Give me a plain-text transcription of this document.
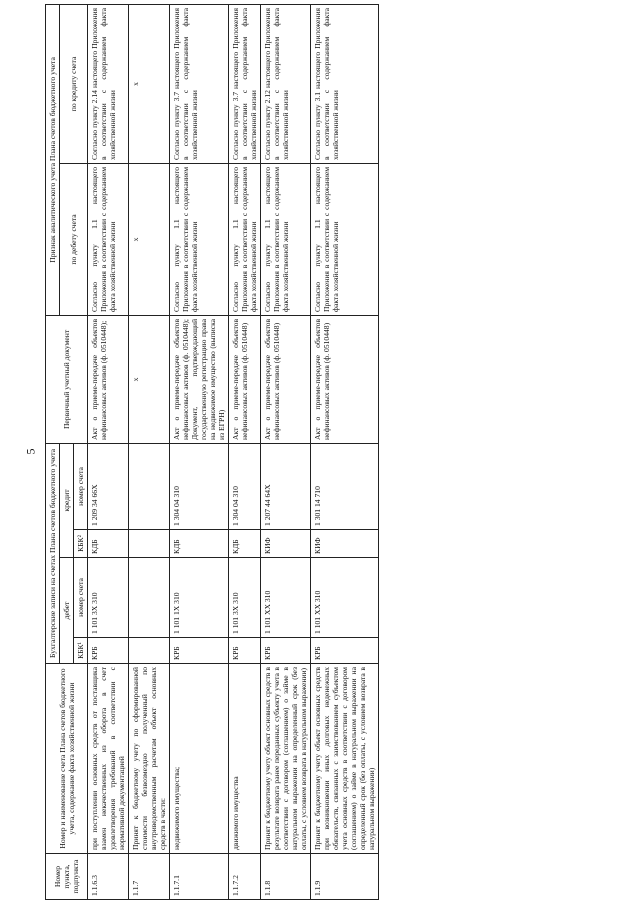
5
Номер пункта, подпункта	Номер и наименование счета Плана счетов бюджетного учета, содержание факта хозяйственной жизни	Бухгалтерские записи на счетах Плана счетов бюджетного учета				Первичный учетный документ	Признак аналитического учета Плана счетов бюджетного учета	
		дебет		кредит			по дебету счета	по кредиту счета
		КБК¹	номер счета	КБК²	номер счета			
1.1.6.3	при поступлении основных средств от поставщика взамен некачественных из оборота в счет удовлетворения требований в соответствии с нормативной документацией	КРБ	1 101 3Х 310	КДБ	1 209 34 66Х	Акт о приеме-передаче объектов нефинансовых активов (ф. 0510448);	Согласно пункту 1.1 настоящего Приложения в соответствии с содержанием факта хозяйственной жизни	Согласно пункту 2.14 настоящего Приложения в соответствии с содержанием факта хозяйственной жизни
1.1.7	Принят к бюджетному учету по сформированной стоимости безвозмездно полученный по внутриведомственным расчетам объект основных средств в части:					х	х	х
1.1.7.1	недвижимого имущества;	КРБ	1 101 1Х 310	КДБ	1 304 04 310	Акт о приеме-передаче объектов нефинансовых активов (ф. 0510448); Документ, подтверждающий государственную регистрацию права на недвижимое имущество (выписка из ЕГРН)	Согласно пункту 1.1 настоящего Приложения в соответствии с содержанием факта хозяйственной жизни	Согласно пункту 3.7 настоящего Приложения в соответствии с содержанием факта хозяйственной жизни
1.1.7.2	движимого имущества	КРБ	1 101 3Х 310	КДБ	1 304 04 310	Акт о приеме-передаче объектов нефинансовых активов (ф. 0510448)	Согласно пункту 1.1 настоящего Приложения в соответствии с содержанием факта хозяйственной жизни	Согласно пункту 3.7 настоящего Приложения в соответствии с содержанием факта хозяйственной жизни
1.1.8	Принят к бюджетному учету объект основных средств в результате возврата ранее переданных субъекту учета в соответствии с договором (соглашением) о займе в натуральном выражении на определенный срок (без оплаты, с условием возврата в натуральном выражении)	КРБ	1 101 ХХ 310	КИФ	1 207 44 64Х	Акт о приеме-передаче объектов нефинансовых активов (ф. 0510448)	Согласно пункту 1.1 настоящего Приложения в соответствии с содержанием факта хозяйственной жизни	Согласно пункту 2.12 настоящего Приложения в соответствии с содержанием факта хозяйственной жизни
1.1.9	Принят к бюджетному учету объект основных средств при возникновении иных долговых неденежных обязательств, связанных с заимствованием субъектом учета основных средств в соответствии с договором (соглашением) о займе в натуральном выражении на определенный срок (без оплаты, с условием возврата в натуральном выражении)	КРБ	1 101 ХХ 310	КИФ	1 301 14 710	Акт о приеме-передаче объектов нефинансовых активов (ф. 0510448)	Согласно пункту 1.1 настоящего Приложения в соответствии с содержанием факта хозяйственной жизни	Согласно пункту 3.1 настоящего Приложения в соответствии с содержанием факта хозяйственной жизни
